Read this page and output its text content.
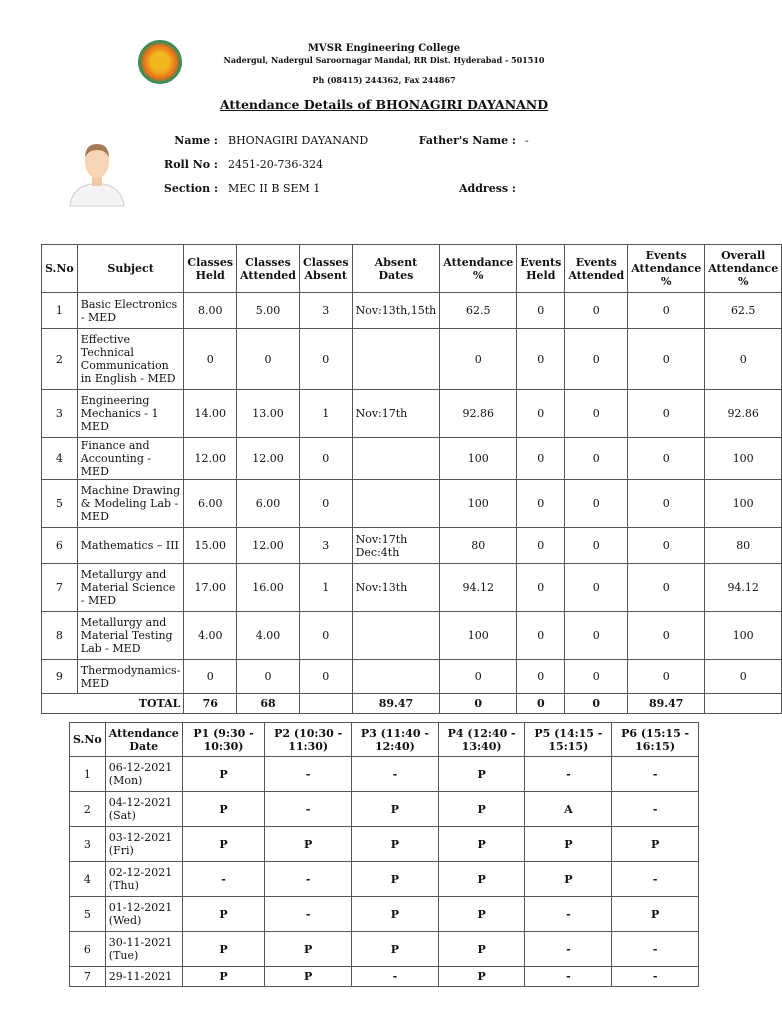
MVSR Engineering College
Nadergul, Nadergul Saroornagar Mandal, RR Dist. Hyderabad - 501510
Ph (08415) 244362, Fax 244867
Attendance Details of BHONAGIRI DAYANAND
Name : BHONAGIRI DAYANAND	Father's Name : -
Roll No : 2451-20-736-324
Section : MEC II B SEM 1	Address :
S.No	Subject	Classes Held	Classes Attended	Classes Absent	Absent Dates	Attendance %	Events Held	Events Attended	Events Attendance %	Overall Attendance %
1	Basic Electronics - MED	8.00	5.00	3	Nov:13th,15th	62.5	0	0	0	62.5
2	Effective Technical Communication in English - MED	0	0	0		0	0	0	0	0
3	Engineering Mechanics - 1 MED	14.00	13.00	1	Nov:17th	92.86	0	0	0	92.86
4	Finance and Accounting - MED	12.00	12.00	0		100	0	0	0	100
5	Machine Drawing & Modeling Lab - MED	6.00	6.00	0		100	0	0	0	100
6	Mathematics – III	15.00	12.00	3	Nov:17th Dec:4th	80	0	0	0	80
7	Metallurgy and Material Science - MED	17.00	16.00	1	Nov:13th	94.12	0	0	0	94.12
8	Metallurgy and Material Testing Lab - MED	4.00	4.00	0		100	0	0	0	100
9	Thermodynamics-MED	0	0	0		0	0	0	0	0
TOTAL		76	68		89.47	0	0	0	89.47	
S.No	Attendance Date	P1 (9:30 - 10:30)	P2 (10:30 - 11:30)	P3 (11:40 - 12:40)	P4 (12:40 - 13:40)	P5 (14:15 - 15:15)	P6 (15:15 - 16:15)
1	06-12-2021 (Mon)	P	-	-	P	-	-
2	04-12-2021 (Sat)	P	-	P	P	A	-
3	03-12-2021 (Fri)	P	P	P	P	P	P
4	02-12-2021 (Thu)	-	-	P	P	P	-
5	01-12-2021 (Wed)	P	-	P	P	-	P
6	30-11-2021 (Tue)	P	P	P	P	-	-
7	29-11-2021	P	P	-	P	-	-
